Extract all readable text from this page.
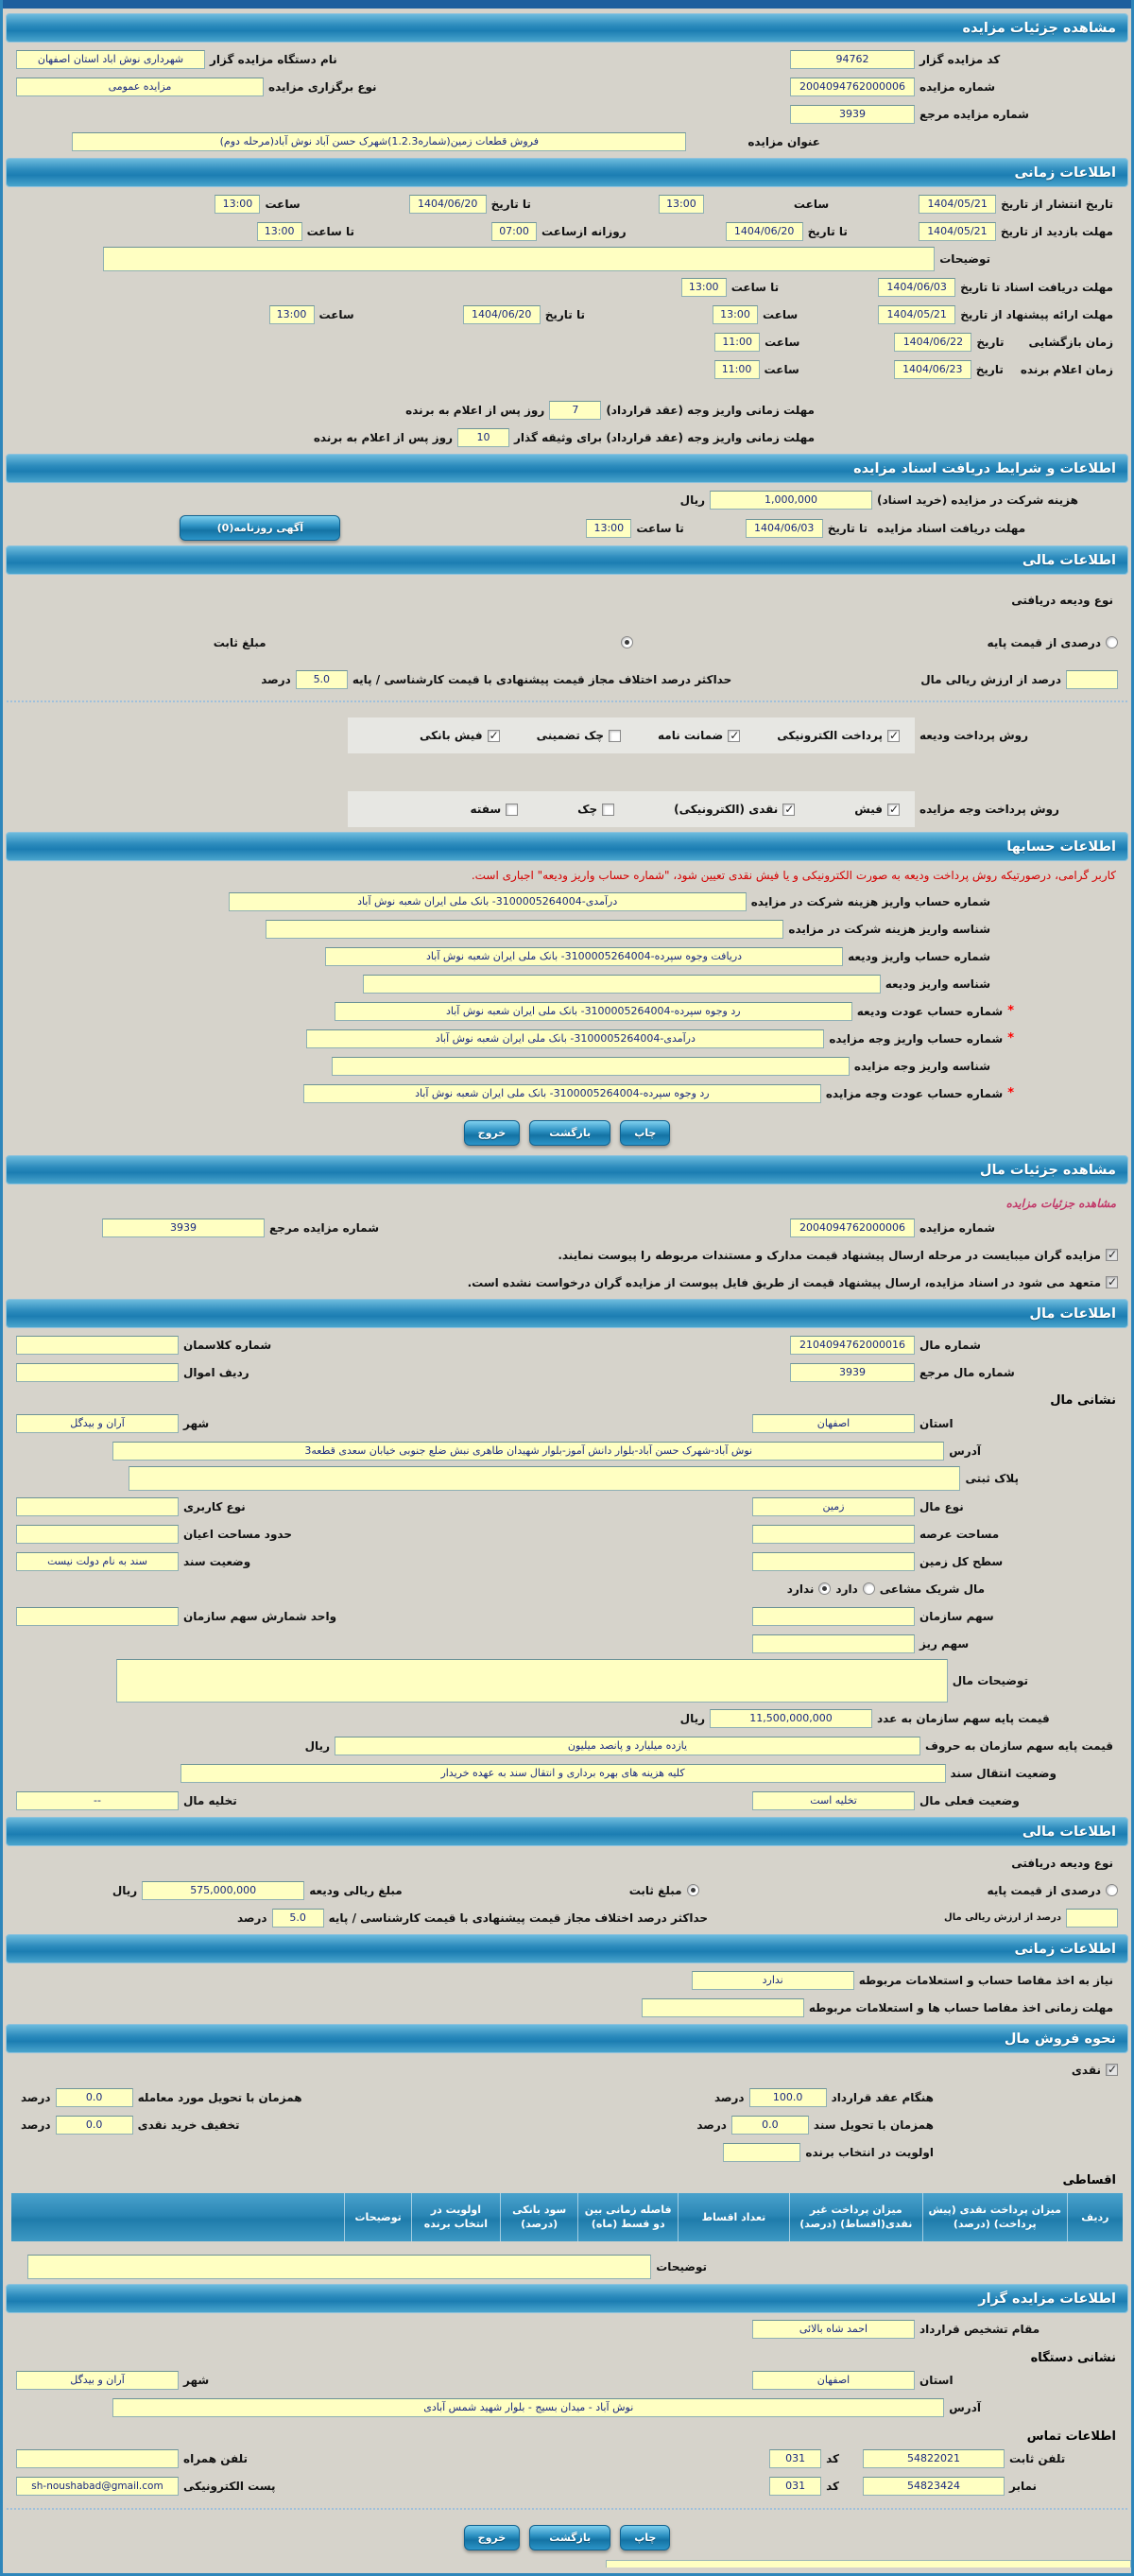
مشاهده جزئیات مزایده
کد مزایده گزار
94762
نام دستگاه مزایده گزار
شهرداری نوش اباد استان اصفهان
شماره مزایده
2004094762000006
نوع برگزاری مزایده
مزایده عمومی
شماره مزایده مرجع
3939
عنوان مزایده
فروش قطعات زمین(شماره1.2.3)شهرک حسن آباد نوش آباد(مرحله دوم)
اطلاعات زمانی
تاریخ انتشار از تاریخ
1404/05/21
ساعت
13:00
تا تاریخ
1404/06/20
ساعت
13:00
مهلت بازدید از تاریخ
1404/05/21
تا تاریخ
1404/06/20
روزانه ازساعت
07:00
تا ساعت
13:00
توضیحات
مهلت دریافت اسناد تا تاریخ
1404/06/03
تا ساعت
13:00
مهلت ارائه پیشنهاد از تاریخ
1404/05/21
ساعت
13:00
تا تاریخ
1404/06/20
ساعت
13:00
زمان بازگشایی
تاریخ
1404/06/22
ساعت
11:00
زمان اعلام برنده
تاریخ
1404/06/23
ساعت
11:00
مهلت زمانی واریز وجه (عقد قرارداد)
7
روز پس از اعلام به برنده
مهلت زمانی واریز وجه (عقد قرارداد) برای وثیقه گذار
10
روز پس از اعلام به برنده
اطلاعات و شرایط دریافت اسناد مزایده
هزینه شرکت در مزایده (خرید اسناد)
1,000,000
ریال
مهلت دریافت اسناد مزایده
تا تاریخ
1404/06/03
تا ساعت
13:00
آگهی روزنامه(0)
اطلاعات مالی
نوع ودیعه دریافتی
درصدی از قیمت پایه
مبلغ ثابت
درصد از ارزش ریالی مال
حداکثر درصد اختلاف مجاز قیمت پیشنهادی با قیمت کارشناسی / پایه
5.0
درصد
روش پرداخت ودیعه
✓
پرداخت الکترونیکی
✓
ضمانت نامه
چک تضمینی
✓
فیش بانکی
روش پرداخت وجه مزایده
✓
فیش
✓
نقدی (الکترونیکی)
چک
سفته
اطلاعات حسابها
کاربر گرامی، درصورتیکه روش پرداخت ودیعه به صورت الکترونیکی و یا فیش نقدی تعیین شود، "شماره حساب واریز ودیعه" اجباری است.
شماره حساب واریز هزینه شرکت در مزایده
درآمدی-3100005264004- بانک ملی ایران شعبه نوش آباد
شناسه واریز هزینه شرکت در مزایده
شماره حساب واریز ودیعه
دریافت وجوه سپرده-3100005264004- بانک ملی ایران شعبه نوش آباد
شناسه واریز ودیعه
*
شماره حساب عودت ودیعه
رد وجوه سپرده-3100005264004- بانک ملی ایران شعبه نوش آباد
*
شماره حساب واریز وجه مزایده
درآمدی-3100005264004- بانک ملی ایران شعبه نوش آباد
شناسه واریز وجه مزایده
*
شماره حساب عودت وجه مزایده
رد وجوه سپرده-3100005264004- بانک ملی ایران شعبه نوش آباد
چاپ
بازگشت
خروج
مشاهده جزئیات مال
مشاهده جزئیات مزایده
شماره مزایده
2004094762000006
شماره مزایده مرجع
3939
✓
مزایده گران میبایست در مرحله ارسال پیشنهاد قیمت مدارک و مستندات مربوطه را پیوست نمایند.
✓
متعهد می شود در اسناد مزایده، ارسال پیشنهاد قیمت از طریق فایل پیوست از مزایده گران درخواست نشده است.
اطلاعات مال
شماره مال
2104094762000016
شماره کلاسمان
شماره مال مرجع
3939
ردیف اموال
نشانی مال
استان
اصفهان
شهر
آران و بیدگل
آدرس
نوش آباد-شهرک حسن آباد-بلوار دانش آموز-بلوار شهیدان طاهری نبش ضلع جنوبی خیابان سعدی قطعه3
پلاک ثبتی
نوع مال
زمین
نوع کاربری
مساحت عرصه
حدود مساحت اعیان
سطح کل زمین
وضعیت سند
سند به نام دولت نیست
مال شریک مشاعی
دارد
ندارد
سهم سازمان
واحد شمارش سهم سازمان
سهم ریز
توضیحات مال
قیمت پایه سهم سازمان به عدد
11,500,000,000
ریال
قیمت پایه سهم سازمان به حروف
یازده میلیارد و پانصد میلیون
ریال
وضعیت انتقال سند
کلیه هزینه های بهره برداری و انتقال سند به عهده خریدار
وضعیت فعلی مال
تخلیه است
تخلیه مال
--
اطلاعات مالی
نوع ودیعه دریافتی
درصدی از قیمت پایه
مبلغ ثابت
مبلغ ریالی ودیعه
575,000,000
ریال
درصد از ارزش ریالی مال
حداکثر درصد اختلاف مجاز قیمت پیشنهادی با قیمت کارشناسی / پایه
5.0
درصد
اطلاعات زمانی
نیاز به اخذ مفاصا حساب و استعلامات مربوطه
ندارد
مهلت زمانی اخذ مفاصا حساب ها و استعلامات مربوطه
نحوه فروش مال
✓
نقدی
هنگام عقد قرارداد
100.0
درصد
همزمان با تحویل مورد معامله
0.0
درصد
همزمان با تحویل سند
0.0
درصد
تخفیف خرید نقدی
0.0
درصد
اولویت در انتخاب برنده
اقساطی
ردیف	میزان پرداخت نقدی (پیش پرداخت) (درصد)	میزان پرداخت غیر نقدی(اقساط) (درصد)	تعداد اقساط	فاصله زمانی بین دو قسط (ماه)	سود بانکی (درصد)	اولویت در انتخاب برنده	توضیحات	
توضیحات
اطلاعات مزایده گزار
مقام تشخیص قرارداد
احمد شاه بالائی
نشانی دستگاه
استان
اصفهان
شهر
آران و بیدگل
آدرس
نوش آباد - میدان بسیج - بلوار شهید شمس آبادی
اطلاعات تماس
تلفن ثابت
54822021
کد
031
تلفن همراه
نمابر
54823424
کد
031
پست الکترونیکی
sh-noushabad@gmail.com
چاپ
بازگشت
خروج
